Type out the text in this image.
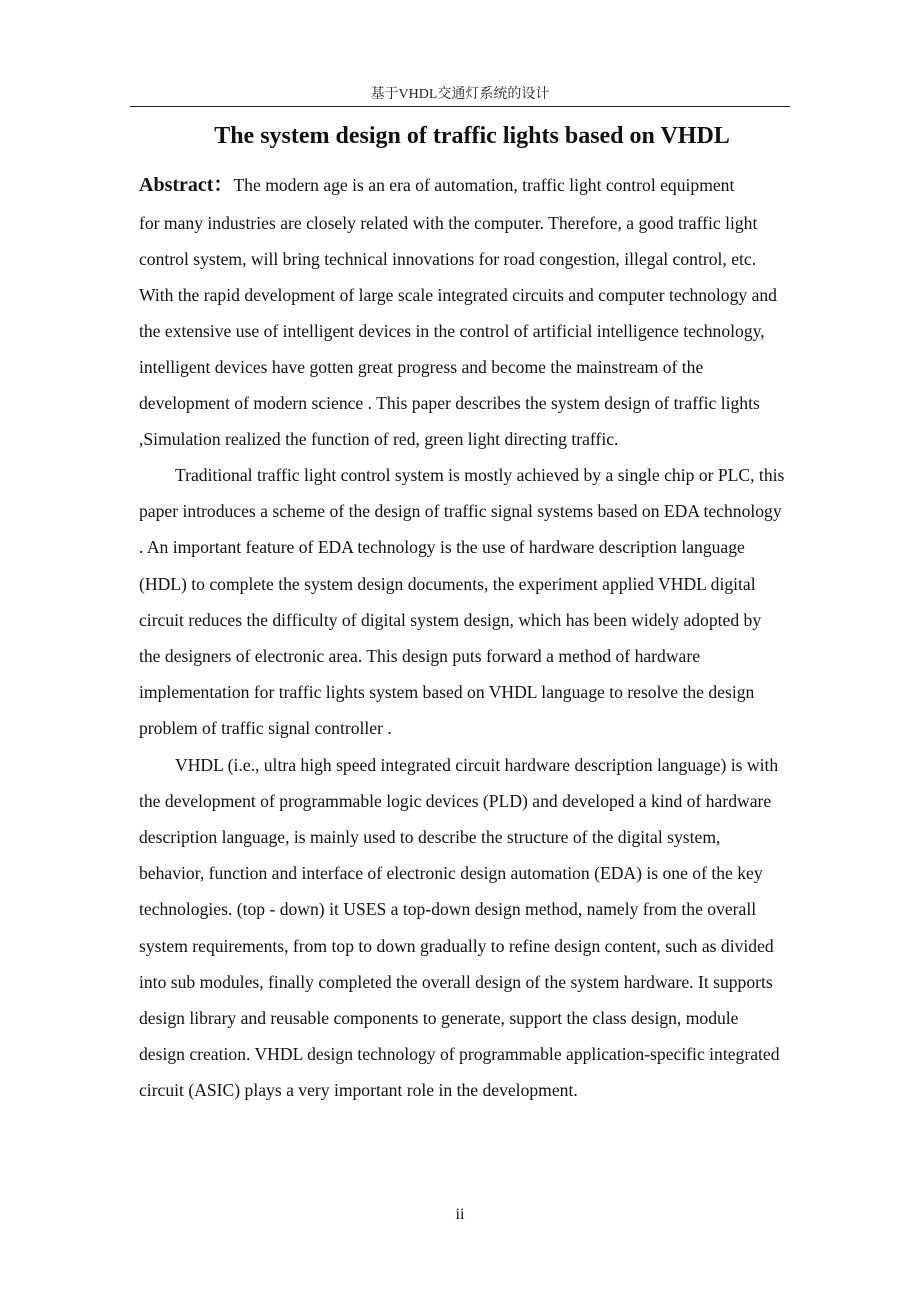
基于VHDL交通灯系统的设计
The system design of traffic lights based on VHDL

Abstract：The modern age is an era of automation, traffic light control equipment
for many industries are closely related with the computer. Therefore, a good traffic light control system, will bring technical innovations for road congestion, illegal control, etc. With the rapid development of large scale integrated circuits and computer technology and the extensive use of intelligent devices in the control of artificial intelligence technology, intelligent devices have gotten great progress and become the mainstream of the development of modern science . This paper describes the system design of traffic lights ,Simulation realized the function of red, green light directing traffic.

Traditional traffic light control system is mostly achieved by a single chip or PLC, this paper introduces a scheme of the design of traffic signal systems based on EDA technology . An important feature of EDA technology is the use of hardware description language (HDL) to complete the system design documents, the experiment applied VHDL digital circuit reduces the difficulty of digital system design, which has been widely adopted by the designers of electronic area. This design puts forward a method of hardware implementation for traffic lights system based on VHDL language to resolve the design problem of traffic signal controller .

VHDL (i.e., ultra high speed integrated circuit hardware description language) is with the development of programmable logic devices (PLD) and developed a kind of hardware description language, is mainly used to describe the structure of the digital system, behavior, function and interface of electronic design automation (EDA) is one of the key technologies. (top - down) it USES a top-down design method, namely from the overall system requirements, from top to down gradually to refine design content, such as divided into sub modules, finally completed the overall design of the system hardware. It supports design library and reusable components to generate, support the class design, module design creation. VHDL design technology of programmable application-specific integrated circuit (ASIC) plays a very important role in the development.

ii
